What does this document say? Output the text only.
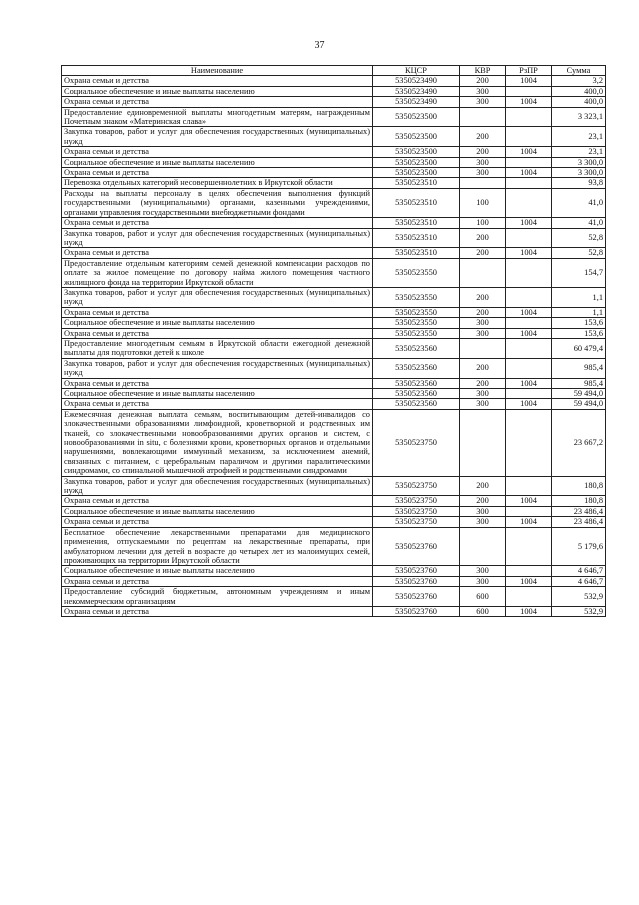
37
Наименование	КЦСР	КВР	РзПР	Сумма
Охрана семьи и детства	5350523490	200	1004	3,2
Социальное обеспечение и иные выплаты населению	5350523490	300		400,0
Охрана семьи и детства	5350523490	300	1004	400,0
Предоставление единовременной выплаты многодетным матерям, награжденным Почетным знаком «Материнская слава»	5350523500			3 323,1
Закупка товаров, работ и услуг для обеспечения государственных (муниципальных) нужд	5350523500	200		23,1
Охрана семьи и детства	5350523500	200	1004	23,1
Социальное обеспечение и иные выплаты населению	5350523500	300		3 300,0
Охрана семьи и детства	5350523500	300	1004	3 300,0
Перевозка отдельных категорий несовершеннолетних в Иркутской области	5350523510			93,8
Расходы на выплаты персоналу в целях обеспечения выполнения функций государственными (муниципальными) органами, казенными учреждениями, органами управления государственными внебюджетными фондами	5350523510	100		41,0
Охрана семьи и детства	5350523510	100	1004	41,0
Закупка товаров, работ и услуг для обеспечения государственных (муниципальных) нужд	5350523510	200		52,8
Охрана семьи и детства	5350523510	200	1004	52,8
Предоставление отдельным категориям семей денежной компенсации расходов по оплате за жилое помещение по договору найма жилого помещения частного жилищного фонда на территории Иркутской области	5350523550			154,7
Закупка товаров, работ и услуг для обеспечения государственных (муниципальных) нужд	5350523550	200		1,1
Охрана семьи и детства	5350523550	200	1004	1,1
Социальное обеспечение и иные выплаты населению	5350523550	300		153,6
Охрана семьи и детства	5350523550	300	1004	153,6
Предоставление многодетным семьям в Иркутской области ежегодной денежной выплаты для подготовки детей к школе	5350523560			60 479,4
Закупка товаров, работ и услуг для обеспечения государственных (муниципальных) нужд	5350523560	200		985,4
Охрана семьи и детства	5350523560	200	1004	985,4
Социальное обеспечение и иные выплаты населению	5350523560	300		59 494,0
Охрана семьи и детства	5350523560	300	1004	59 494,0
Ежемесячная денежная выплата семьям, воспитывающим детей-инвалидов со злокачественными образованиями лимфоидной, кроветворной и родственных им тканей, со злокачественными новообразованиями других органов и систем, с новообразованиями in situ, с болезнями крови, кроветворных органов и отдельными нарушениями, вовлекающими иммунный механизм, за исключением анемий, связанных с питанием, с церебральным параличом и другими паралитическими синдромами, со спинальной мышечной атрофией и родственными синдромами	5350523750			23 667,2
Закупка товаров, работ и услуг для обеспечения государственных (муниципальных) нужд	5350523750	200		180,8
Охрана семьи и детства	5350523750	200	1004	180,8
Социальное обеспечение и иные выплаты населению	5350523750	300		23 486,4
Охрана семьи и детства	5350523750	300	1004	23 486,4
Бесплатное обеспечение лекарственными препаратами для медицинского применения, отпускаемыми по рецептам на лекарственные препараты, при амбулаторном лечении для детей в возрасте до четырех лет из малоимущих семей, проживающих на территории Иркутской области	5350523760			5 179,6
Социальное обеспечение и иные выплаты населению	5350523760	300		4 646,7
Охрана семьи и детства	5350523760	300	1004	4 646,7
Предоставление субсидий бюджетным, автономным учреждениям и иным некоммерческим организациям	5350523760	600		532,9
Охрана семьи и детства	5350523760	600	1004	532,9
